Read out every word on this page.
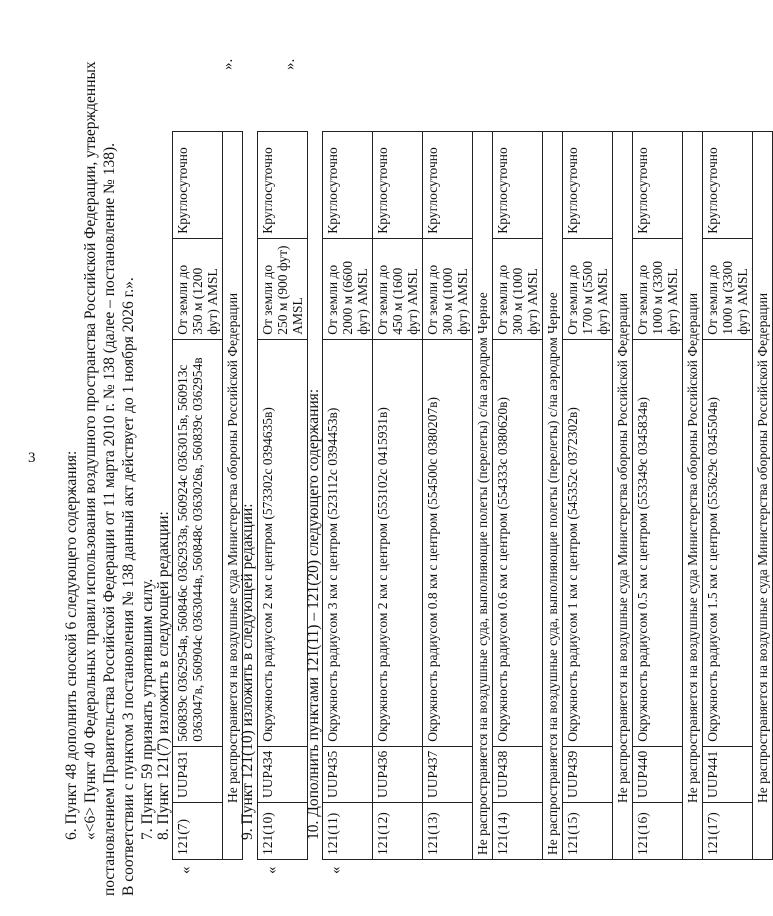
3 6. Пункт 48 дополнить сноской 6 следующего содержания: «<6> Пункт 40 Федеральных правил использования воздушного пространства Российской Федерации, утвержденных постановлением Правительства Российской Федерации от 11 марта 2010 г. № 138 (далее – постановление № 138). В соответствии с пунктом 3 постановления № 138 данный акт действует до 1 ноября 2026 г.». 7. Пункт 59 признать утратившим силу. 8. Пункт 121(7) изложить в следующей редакции:
«
121(7)	UUP431	560839с 0362954в, 560846с 0362933в, 560924с 0363015в, 560913с 0363047в, 560904с 0363044в, 560848с 0363026в, 560839с 0362954в	От земли до 350 м (1200 фут) AMSL	Круглосуточно
Не распространяется на воздушные суда Министерства обороны Российской Федерации
».
9. Пункт 121(10) изложить в следующей редакции:
«
121(10)	UUP434	Окружность радиусом 2 км с центром (573302с 0394635в)	От земли до 250 м (900 фут) AMSL	Круглосуточно
».
10. Дополнить пунктами 121(11) – 121(20) следующего содержания:
«
121(11)	UUP435	Окружность радиусом 3 км с центром (523112с 0394453в)	От земли до 2000 м (6600 фут) AMSL	Круглосуточно
121(12)	UUP436	Окружность радиусом 2 км с центром (553102с 0415931в)	От земли до 450 м (1600 фут) AMSL	Круглосуточно
121(13)	UUP437	Окружность радиусом 0.8 км с центром (554500с 0380207в)	От земли до 300 м (1000 фут) AMSL	Круглосуточно
Не распространяется на воздушные суда, выполняющие полеты (перелеты) с/на аэродром Черное				
121(14)	UUP438	Окружность радиусом 0.6 км с центром (554333с 0380620в)	От земли до 300 м (1000 фут) AMSL	Круглосуточно
Не распространяется на воздушные суда, выполняющие полеты (перелеты) с/на аэродром Черное				
121(15)	UUP439	Окружность радиусом 1 км с центром (545352с 0372302в)	От земли до 1700 м (5500 фут) AMSL	Круглосуточно
Не распространяется на воздушные суда Министерства обороны Российской Федерации				
121(16)	UUP440	Окружность радиусом 0.5 км с центром (553349с 0345834в)	От земли до 1000 м (3300 фут) AMSL	Круглосуточно
Не распространяется на воздушные суда Министерства обороны Российской Федерации				
121(17)	UUP441	Окружность радиусом 1.5 км с центром (553629с 0345504в)	От земли до 1000 м (3300 фут) AMSL	Круглосуточно
Не распространяется на воздушные суда Министерства обороны Российской Федерации				
